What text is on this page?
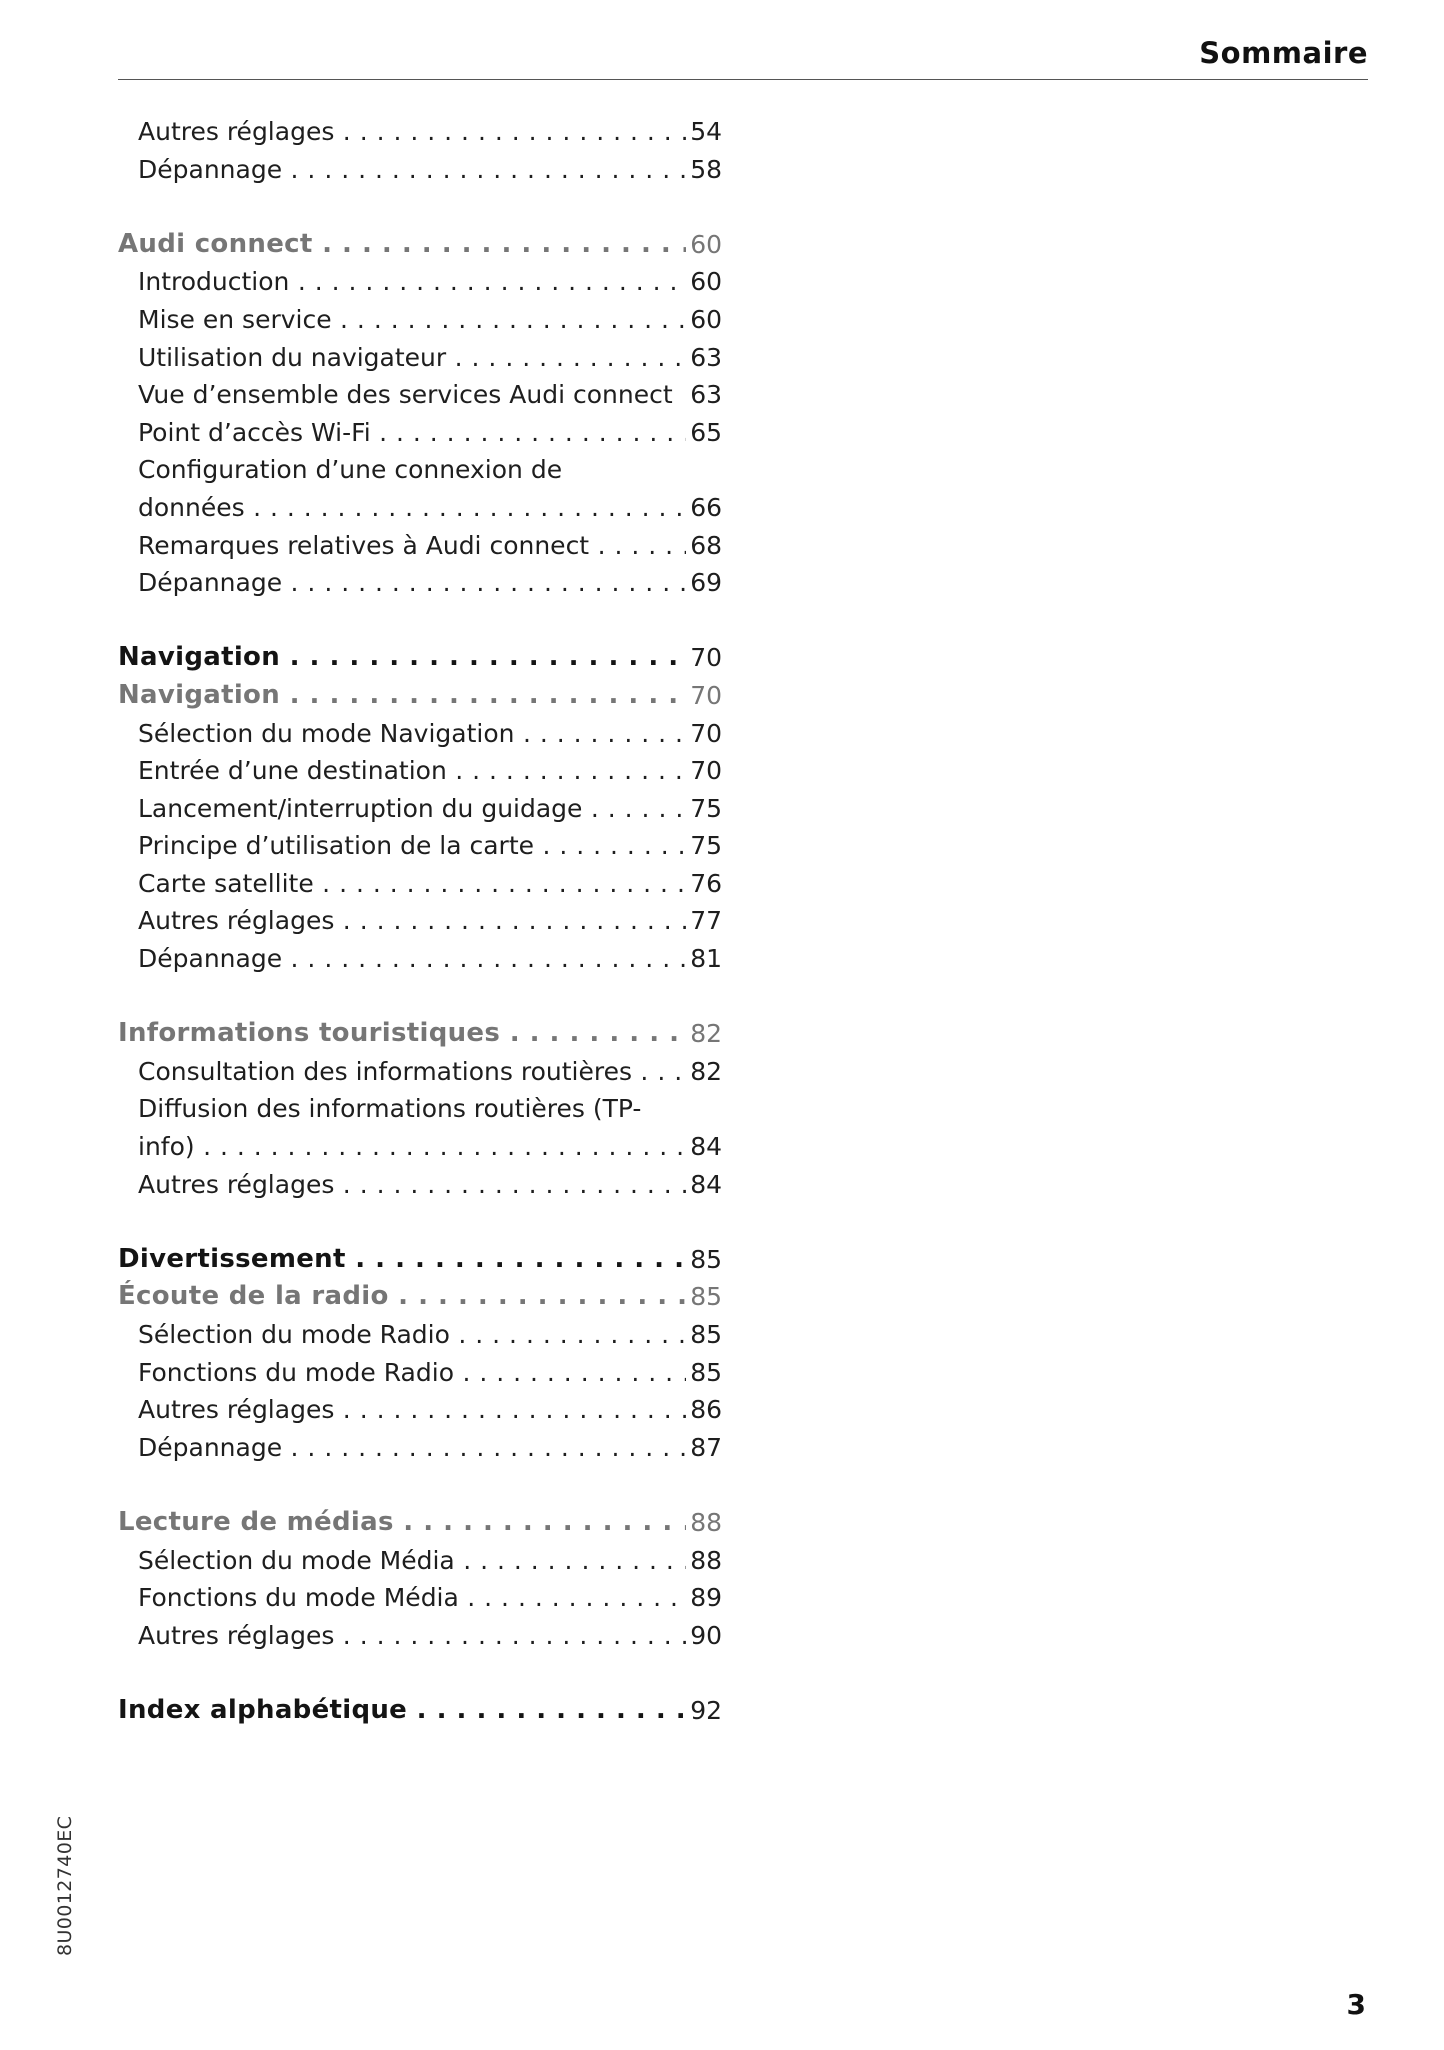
Sommaire
Autres réglages . . .	54
Dépannage . . .	58
Audi connect . . .	60
Introduction . . .	60
Mise en service . . .	60
Utilisation du navigateur . . .	63
Vue d’ensemble des services Audi connect 63
Point d’accès Wi-Fi . . .	65
Configuration d’une connexion de
données . . .	66
Remarques relatives à Audi connect . . .	68
Dépannage . . .	69
Navigation . . .	70
Navigation . . .	70
Sélection du mode Navigation . . .	70
Entrée d’une destination . . .	70
Lancement/interruption du guidage . . .	75
Principe d’utilisation de la carte . . .	75
Carte satellite . . .	76
Autres réglages . . .	77
Dépannage . . .	81
Informations touristiques . . .	82
Consultation des informations routières . . .	82
Diffusion des informations routières (TP-
info) . . .	84
Autres réglages . . .	84
Divertissement . . .	85
Écoute de la radio . . .	85
Sélection du mode Radio . . .	85
Fonctions du mode Radio . . .	85
Autres réglages . . .	86
Dépannage . . .	87
Lecture de médias . . .	88
Sélection du mode Média . . .	88
Fonctions du mode Média . . .	89
Autres réglages . . .	90
Index alphabétique . . .	92
8U0012740EC
3
